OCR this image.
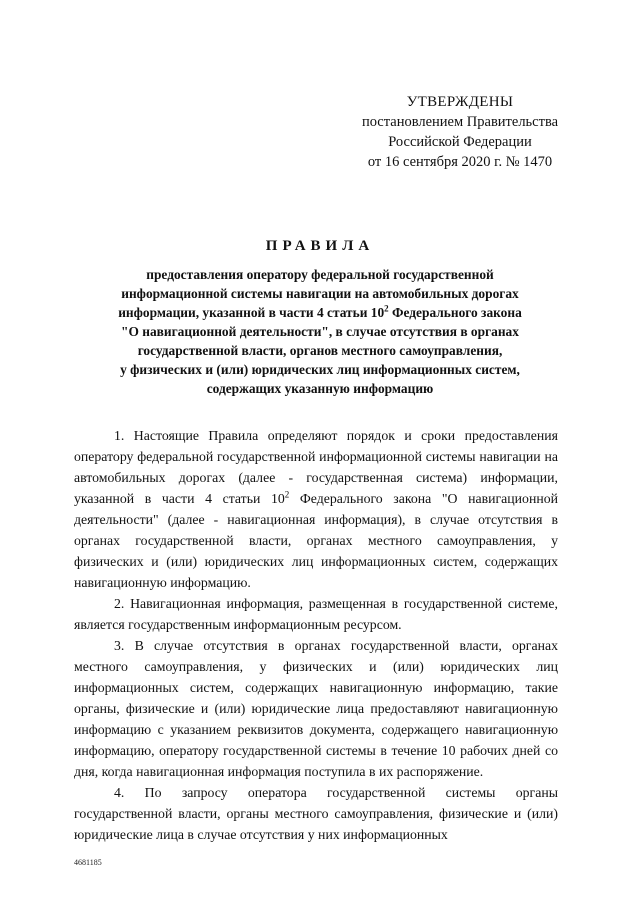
УТВЕРЖДЕНЫ
постановлением Правительства
Российской Федерации
от 16 сентября 2020 г. № 1470
ПРАВИЛА
предоставления оператору федеральной государственной
информационной системы навигации на автомобильных дорогах
информации, указанной в части 4 статьи $10^2$ Федерального закона
"О навигационной деятельности", в случае отсутствия в органах
государственной власти, органов местного самоуправления,
у физических и (или) юридических лиц информационных систем,
содержащих указанную информацию

1. Настоящие Правила определяют порядок и сроки предоставления оператору федеральной государственной информационной системы навигации на автомобильных дорогах (далее - государственная система) информации, указанной в части 4 статьи $10^2$ Федерального закона "О навигационной деятельности" (далее - навигационная информация), в случае отсутствия в органах государственной власти, органах местного самоуправления, у физических и (или) юридических лиц информационных систем, содержащих навигационную информацию.

2. Навигационная информация, размещенная в государственной системе, является государственным информационным ресурсом.

3. В случае отсутствия в органах государственной власти, органах местного самоуправления, у физических и (или) юридических лиц информационных систем, содержащих навигационную информацию, такие органы, физические и (или) юридические лица предоставляют навигационную информацию с указанием реквизитов документа, содержащего навигационную информацию, оператору государственной системы в течение 10 рабочих дней со дня, когда навигационная информация поступила в их распоряжение.

4. По запросу оператора государственной системы органы государственной власти, органы местного самоуправления, физические и (или) юридические лица в случае отсутствия у них информационных

4681185
